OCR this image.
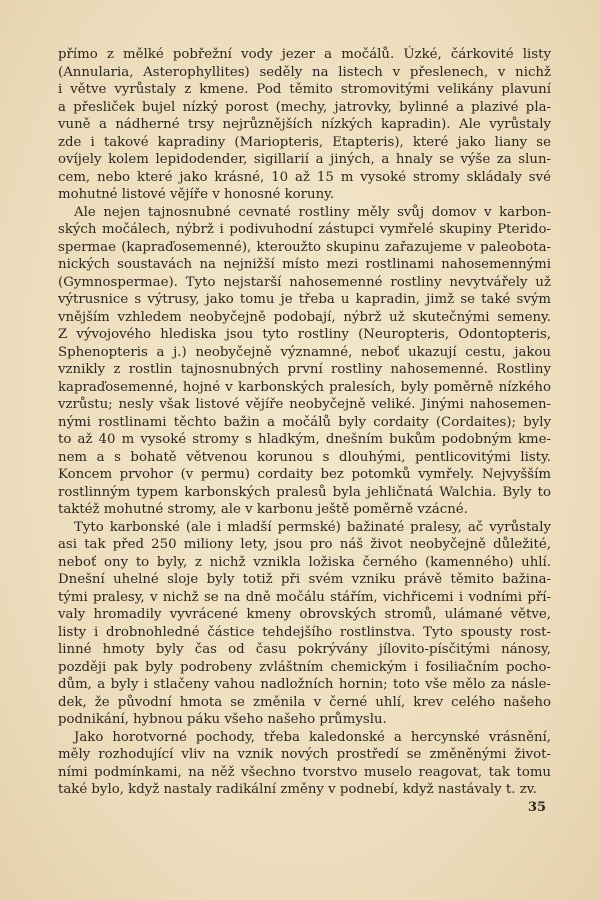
přímo z mělké pobřežní vody jezer a močálů. Úzké, čárkovité listy
(Annularia, Asterophyllites) seděly na listech v přeslenech, v nichž
i větve vyrůstaly z kmene. Pod těmito stromovitými velikány plavuní
a přesliček bujel nízký porost (mechy, jatrovky, bylinné a plazivé pla-
vuně a nádherné trsy nejrůznějších nízkých kapradin). Ale vyrůstaly
zde i takové kapradiny (Mariopteris, Etapteris), které jako liany se
ovíjely kolem lepidodender, sigillarií a jiných, a hnaly se výše za slun-
cem, nebo které jako krásné, 10 až 15 m vysoké stromy skládaly své
mohutné listové vějíře v honosné koruny.
Ale nejen tajnosnubné cevnaté rostliny měly svůj domov v karbon-
ských močálech, nýbrž i podivuhodní zástupci vymřelé skupiny Pterido-
spermae (kapraďosemenné), kteroužto skupinu zařazujeme v paleobota-
nických soustavách na nejnižší místo mezi rostlinami nahosemennými
(Gymnospermae). Tyto nejstarší nahosemenné rostliny nevytvářely už
výtrusnice s výtrusy, jako tomu je třeba u kapradin, jimž se také svým
vnějším vzhledem neobyčejně podobají, nýbrž už skutečnými semeny.
Z vývojového hlediska jsou tyto rostliny (Neuropteris, Odontopteris,
Sphenopteris a j.) neobyčejně významné, neboť ukazují cestu, jakou
vznikly z rostlin tajnosnubných první rostliny nahosemenné. Rostliny
kapraďosemenné, hojné v karbonských pralesích, byly poměrně nízkého
vzrůstu; nesly však listové vějíře neobyčejně veliké. Jinými nahosemen-
nými rostlinami těchto bažin a močálů byly cordaity (Cordaites); byly
to až 40 m vysoké stromy s hladkým, dnešním bukům podobným kme-
nem a s bohatě větvenou korunou s dlouhými, pentlicovitými listy.
Koncem prvohor (v permu) cordaity bez potomků vymřely. Nejvyšším
rostlinným typem karbonských pralesů byla jehličnatá Walchia. Byly to
taktéž mohutné stromy, ale v karbonu ještě poměrně vzácné.
Tyto karbonské (ale i mladší permské) bažinaté pralesy, ač vyrůstaly
asi tak před 250 miliony lety, jsou pro náš život neobyčejně důležité,
neboť ony to byly, z nichž vznikla ložiska černého (kamenného) uhlí.
Dnešní uhelné sloje byly totiž při svém vzniku právě těmito bažina-
tými pralesy, v nichž se na dně močálu stářím, vichřicemi i vodními pří-
valy hromadily vyvrácené kmeny obrovských stromů, ulámané větve,
listy i drobnohledné částice tehdejšího rostlinstva. Tyto spousty rost-
linné hmoty byly čas od času pokrývány jílovito-písčitými nánosy,
později pak byly podrobeny zvláštním chemickým i fosiliačním pocho-
dům, a byly i stlačeny vahou nadložních hornin; toto vše mělo za násle-
dek, že původní hmota se změnila v černé uhlí, krev celého našeho
podnikání, hybnou páku všeho našeho průmyslu.
Jako horotvorné pochody, třeba kaledonské a hercynské vrásnění,
měly rozhodující vliv na vznik nových prostředí se změněnými život-
ními podmínkami, na něž všechno tvorstvo muselo reagovat, tak tomu
také bylo, když nastaly radikální změny v podnebí, když nastávaly t. zv.
35
